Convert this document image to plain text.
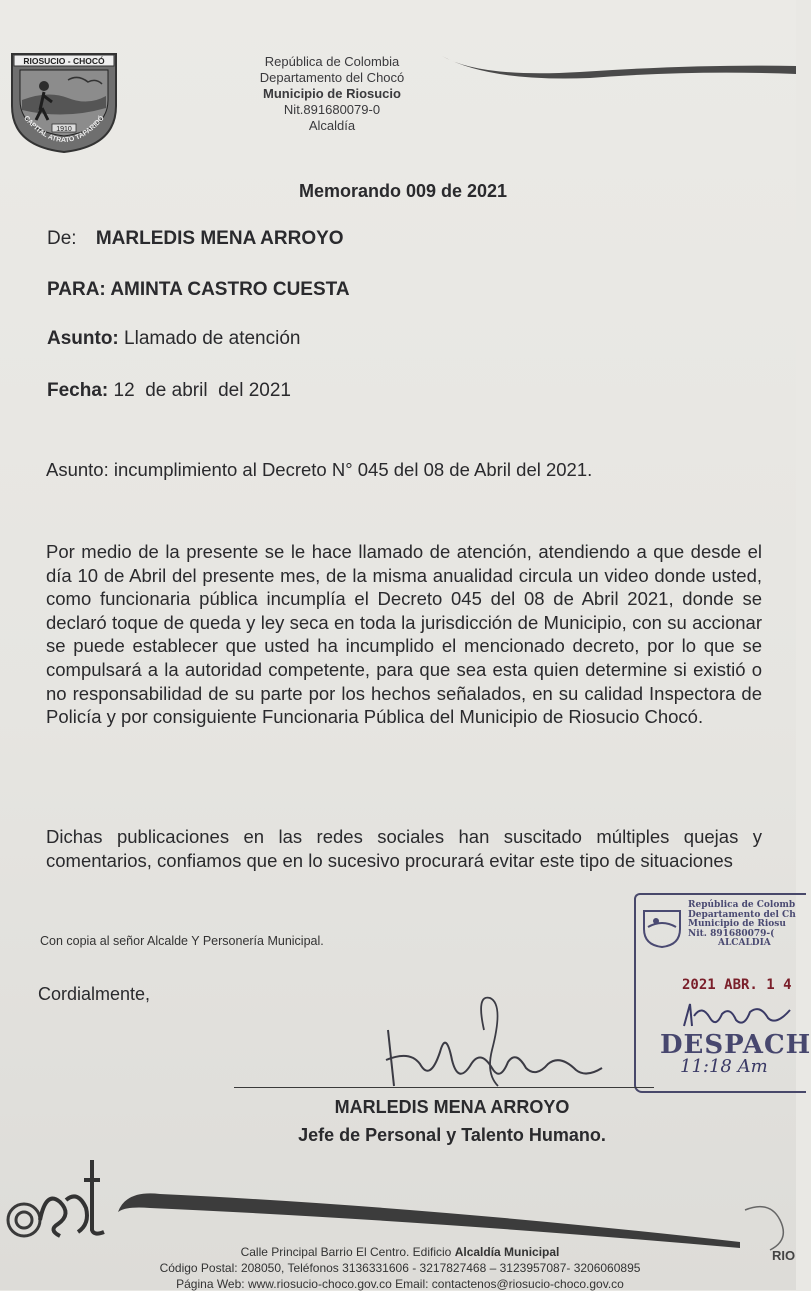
RIOSUCIO - CHOCÓ
1910
CAPITAL ATRATO TAPARIDÓ
República de Colombia
Departamento del Chocó
Municipio de Riosucio
Nit.891680079-0
Alcaldía
Memorando 009 de 2021
De: MARLEDIS MENA ARROYO
PARA: AMINTA CASTRO CUESTA
Asunto: Llamado de atención
Fecha: 12  de abril  del 2021
Asunto: incumplimiento al Decreto N° 045 del 08 de Abril del 2021.
Por medio de la presente se le hace llamado de atención, atendiendo a que desde el día 10 de Abril del presente mes, de la misma anualidad circula un video donde usted, como funcionaria pública incumplía el Decreto 045 del 08 de Abril 2021, donde se declaró toque de queda y ley seca en toda la jurisdicción de Municipio, con su accionar se puede establecer que usted ha incumplido el mencionado decreto, por lo que se compulsará a la autoridad competente, para que sea esta quien determine si existió o no responsabilidad de su parte por los hechos señalados, en su calidad Inspectora de Policía y por consiguiente Funcionaria Pública del Municipio de Riosucio Chocó.
Dichas publicaciones en las redes sociales han suscitado múltiples quejas y comentarios, confiamos que en lo sucesivo procurará evitar este tipo de situaciones
Con copia al señor Alcalde Y Personería Municipal.
Cordialmente,
República de Colomb
Departamento del Ch
Municipio de Riosu
Nit. 891680079-(
ALCALDIA
2021 ABR. 1 4
DESPACH
11:18 Am
MARLEDIS MENA ARROYO
Jefe de Personal y Talento Humano.
RIO
Calle Principal Barrio El Centro. Edificio Alcaldía Municipal
Código Postal: 208050, Teléfonos 3136331606 - 3217827468 – 3123957087- 3206060895
Página Web: www.riosucio-choco.gov.co Email: contactenos@riosucio-choco.gov.co
